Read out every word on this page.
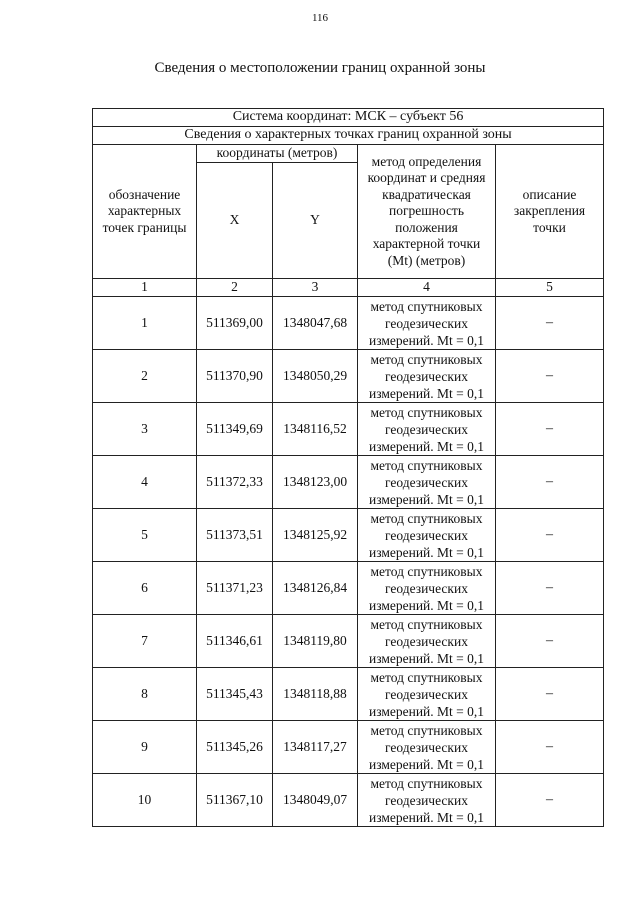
116
Сведения о местоположении границ охранной зоны
Система координат: МСК – субъект 56				
Сведения о характерных точках границ охранной зоны				
обозначение характерных точек границы	координаты (метров)		метод определения координат и средняя квадратическая погрешность положения характерной точки (Mt) (метров)	описание закрепления точки
	X	Y		
1	2	3	4	5
1	511369,00	1348047,68	метод спутниковых геодезических измерений. Mt = 0,1	–
2	511370,90	1348050,29	метод спутниковых геодезических измерений. Mt = 0,1	–
3	511349,69	1348116,52	метод спутниковых геодезических измерений. Mt = 0,1	–
4	511372,33	1348123,00	метод спутниковых геодезических измерений. Mt = 0,1	–
5	511373,51	1348125,92	метод спутниковых геодезических измерений. Mt = 0,1	–
6	511371,23	1348126,84	метод спутниковых геодезических измерений. Mt = 0,1	–
7	511346,61	1348119,80	метод спутниковых геодезических измерений. Mt = 0,1	–
8	511345,43	1348118,88	метод спутниковых геодезических измерений. Mt = 0,1	–
9	511345,26	1348117,27	метод спутниковых геодезических измерений. Mt = 0,1	–
10	511367,10	1348049,07	метод спутниковых геодезических измерений. Mt = 0,1	–
